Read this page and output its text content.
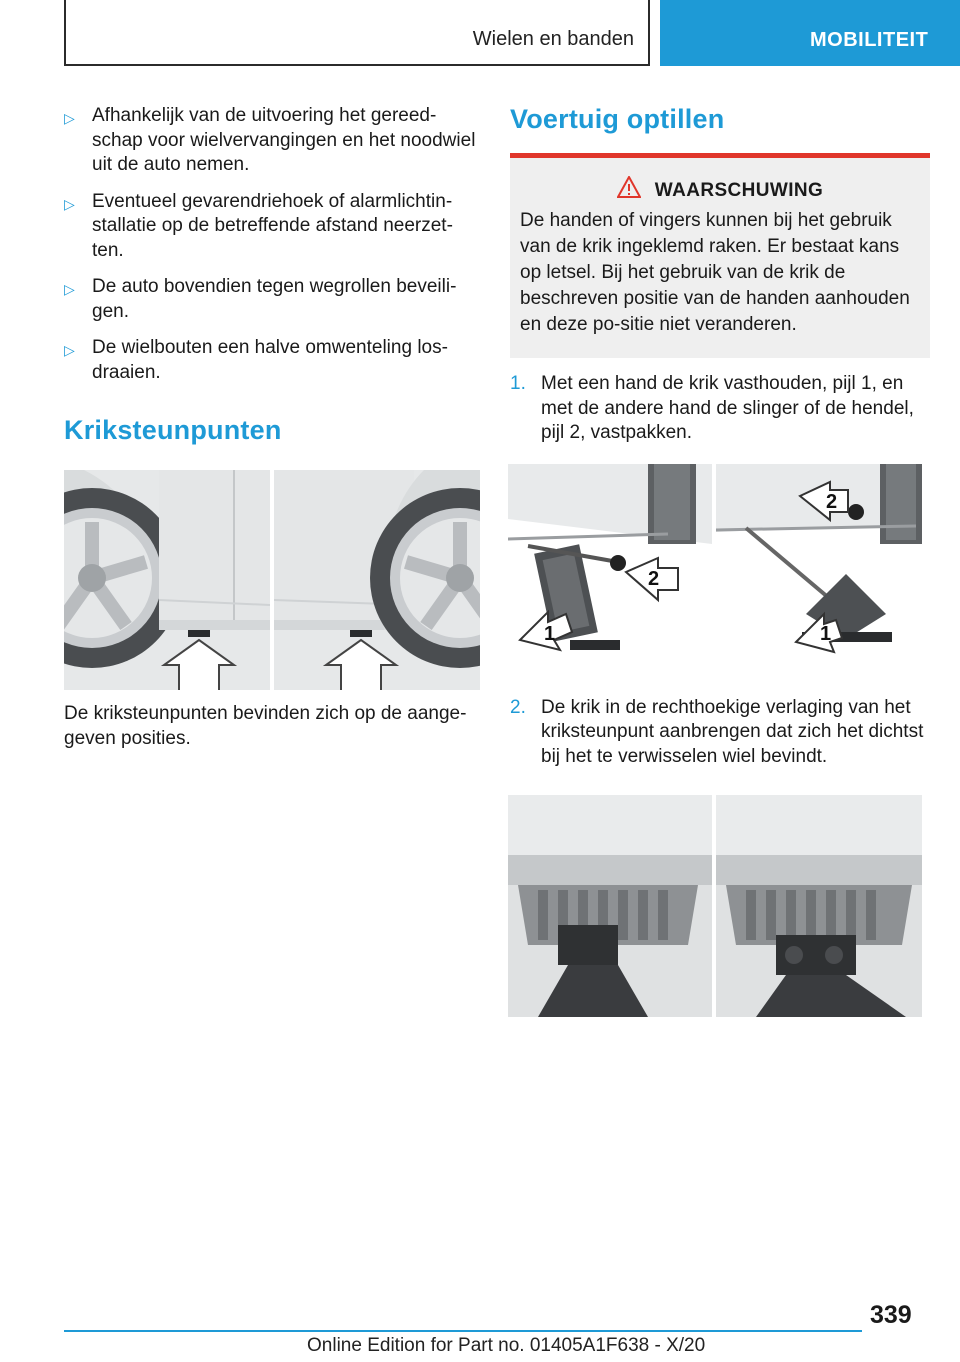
Wielen en banden	MOBILITEIT
▷ Afhankelijk van de uitvoering het gereed-schap voor wielvervangingen en het noodwiel uit de auto nemen.
▷ Eventueel gevarendriehoek of alarmlichtin-stallatie op de betreffende afstand neerzet-ten.
▷ De auto bovendien tegen wegrollen beveili-gen.
▷ De wielbouten een halve omwenteling los-draaien.
Kriksteunpunten

De kriksteunpunten bevinden zich op de aange-geven posities.

Voertuig optillen
WAARSCHUWING

De handen of vingers kunnen bij het gebruik van de krik ingeklemd raken. Er bestaat kans op letsel. Bij het gebruik van de krik de beschreven positie van de handen aanhouden en deze po-sitie niet veranderen.

1. Met een hand de krik vasthouden, pijl 1, en met de andere hand de slinger of de hendel, pijl 2, vastpakken.
2
1
2
1
2. De krik in de rechthoekige verlaging van het kriksteunpunt aanbrengen dat zich het dichtst bij het te verwisselen wiel bevindt.
339
Online Edition for Part no. 01405A1F638 - X/20
